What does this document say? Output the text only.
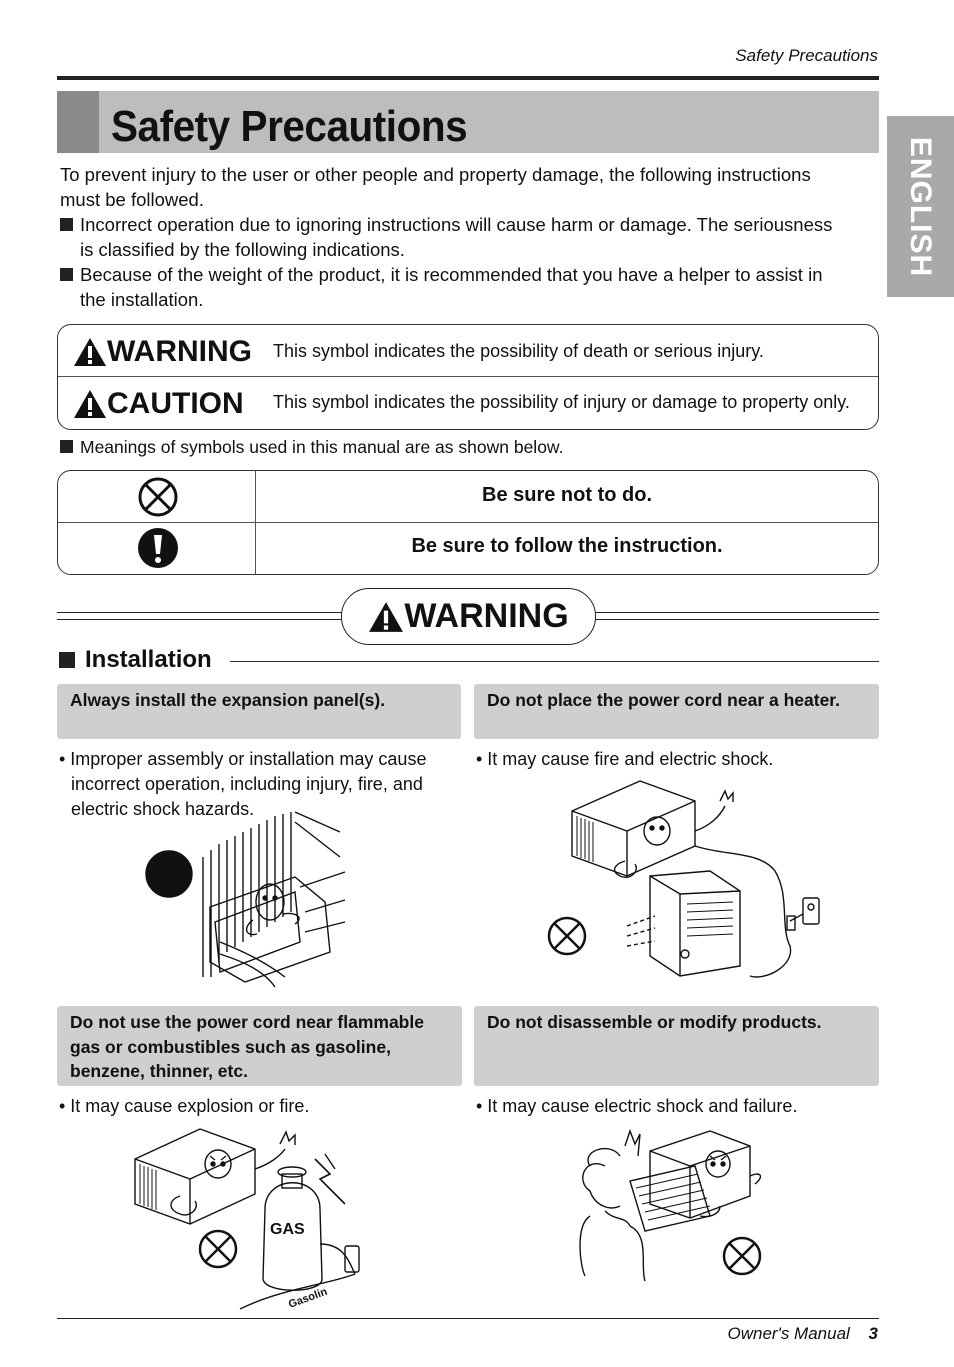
Safety Precautions
Safety Precautions
ENGLISH
To prevent injury to the user or other people and property damage, the following instructions
must be followed.
Incorrect operation due to ignoring instructions will cause harm or damage. The seriousness
is classified by the following indications.
Because of the weight of the product, it is recommended that you have a helper to assist in
the installation.
WARNING This symbol indicates the possibility of death or serious injury.
CAUTION This symbol indicates the possibility of injury or damage to property only.
Meanings of symbols used in this manual are as shown below.
Be sure not to do.
Be sure to follow the instruction.
WARNING
Installation
Always install the expansion panel(s).
• Improper assembly or installation may cause
incorrect operation, including injury, fire, and
electric shock hazards.
Do not place the power cord near a heater.
• It may cause fire and electric shock.
Do not use the power cord near flammable
gas or combustibles such as gasoline,
benzene, thinner, etc.
• It may cause explosion or fire.
GAS
Gasolin
Do not disassemble or modify products.
• It may cause electric shock and failure.
Owner's Manual 3
